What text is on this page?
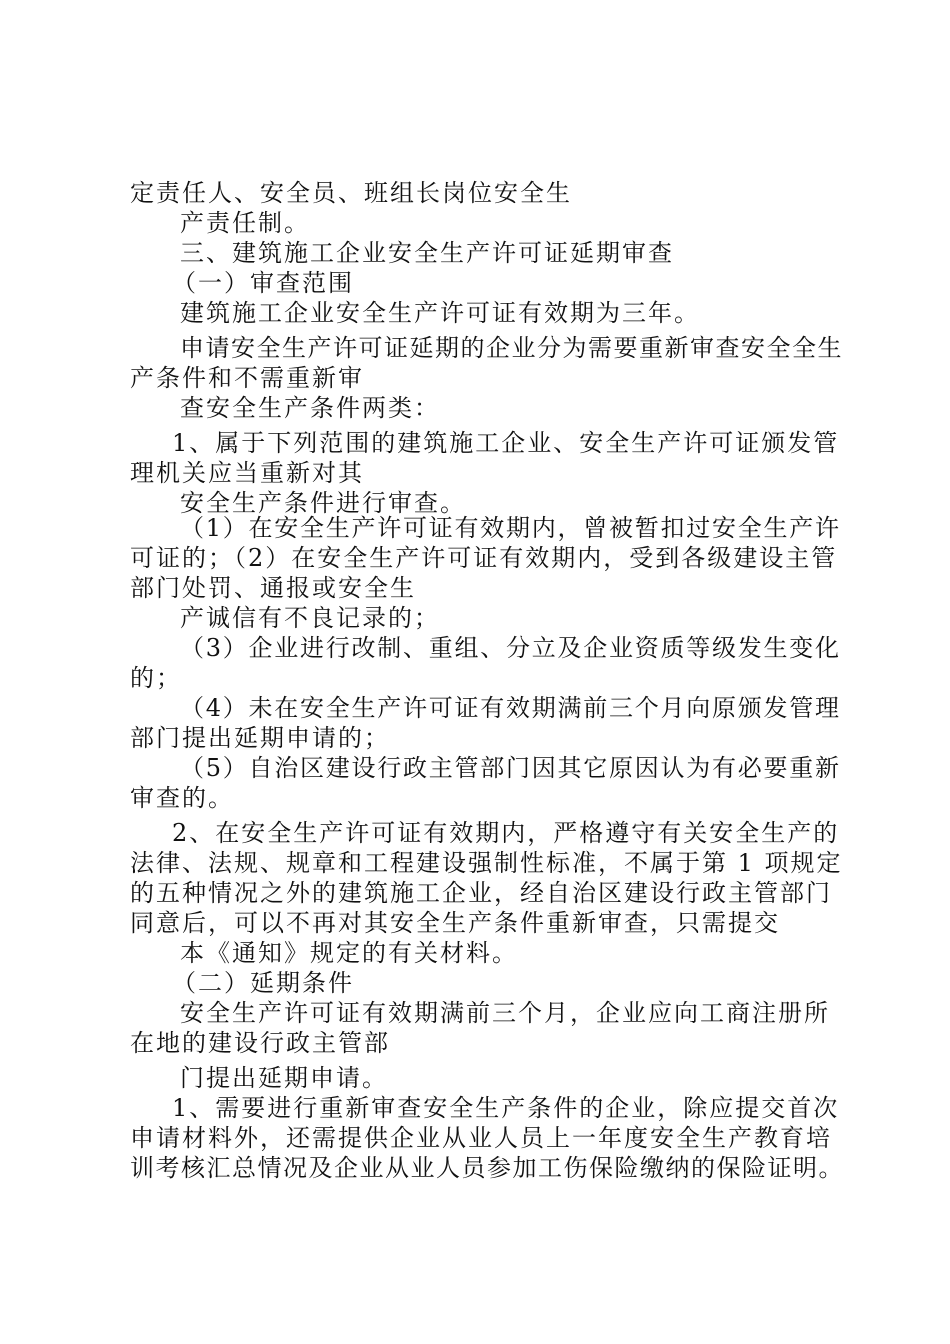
定责任人、安全员、班组长岗位安全生
产责任制。
三、建筑施工企业安全生产许可证延期审查
（一）审查范围
建筑施工企业安全生产许可证有效期为三年。
申请安全生产许可证延期的企业分为需要重新审查安全全生
产条件和不需重新审
查安全生产条件两类：
1、属于下列范围的建筑施工企业、安全生产许可证颁发管
理机关应当重新对其
安全生产条件进行审查。
（1）在安全生产许可证有效期内，曾被暂扣过安全生产许
可证的；（2）在安全生产许可证有效期内，受到各级建设主管
部门处罚、通报或安全生
产诚信有不良记录的；
（3）企业进行改制、重组、分立及企业资质等级发生变化
的；
（4）未在安全生产许可证有效期满前三个月向原颁发管理
部门提出延期申请的；
（5）自治区建设行政主管部门因其它原因认为有必要重新
审查的。
2、在安全生产许可证有效期内，严格遵守有关安全生产的
法律、法规、规章和工程建设强制性标准，不属于第 1 项规定
的五种情况之外的建筑施工企业，经自治区建设行政主管部门
同意后，可以不再对其安全生产条件重新审查，只需提交
本《通知》规定的有关材料。
（二）延期条件
安全生产许可证有效期满前三个月，企业应向工商注册所
在地的建设行政主管部
门提出延期申请。
1、需要进行重新审查安全生产条件的企业，除应提交首次
申请材料外，还需提供企业从业人员上一年度安全生产教育培
训考核汇总情况及企业从业人员参加工伤保险缴纳的保险证明。
